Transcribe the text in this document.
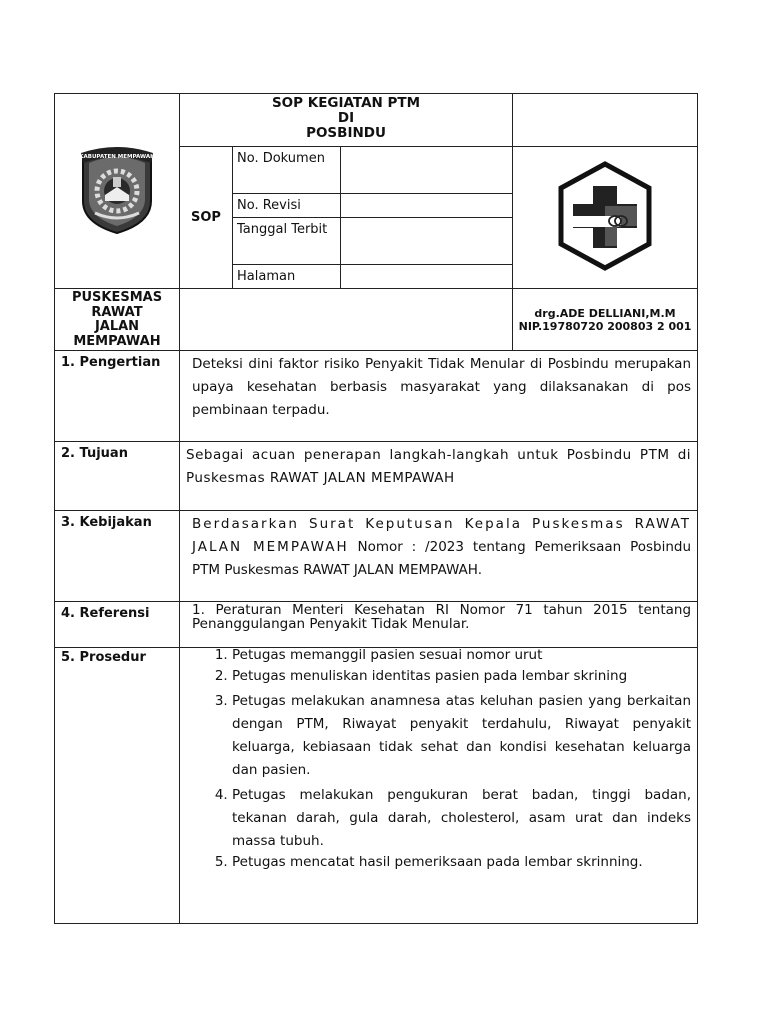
KABUPATEN MEMPAWAH

SOP KEGIATAN PTM
DI
POSBINDU

SOP	
No. Dokumen	
No. Revisi	
Tanggal Terbit	
Halaman	

PUSKESMAS
RAWAT
JALAN
MEMPAWAH

drg.ADE DELLIANI,M.M
NIP.19780720 200803 2 001

1. Pengertian	Deteksi dini faktor risiko Penyakit Tidak Menular di Posbindu merupakan upaya kesehatan berbasis masyarakat yang dilaksanakan di pos pembinaan terpadu.
2. Tujuan	Sebagai acuan penerapan langkah-langkah untuk Posbindu PTM di Puskesmas RAWAT JALAN MEMPAWAH
3. Kebijakan	Berdasarkan Surat Keputusan Kepala Puskesmas RAWAT JALAN MEMPAWAH Nomor : /2023 tentang Pemeriksaan Posbindu PTM Puskesmas RAWAT JALAN MEMPAWAH.
4. Referensi	1. Peraturan Menteri Kesehatan RI Nomor 71 tahun 2015 tentang Penanggulangan Penyakit Tidak Menular.
5. Prosedur	
1.Petugas memanggil pasien sesuai nomor urut
2. Petugas menuliskan identitas pasien pada lembar skrining
3. Petugas melakukan anamnesa atas keluhan pasien yang berkaitan dengan PTM, Riwayat penyakit terdahulu, Riwayat penyakit keluarga, kebiasaan tidak sehat dan kondisi kesehatan keluarga dan pasien.
4. Petugas melakukan pengukuran berat badan, tinggi badan, tekanan darah, gula darah, cholesterol, asam urat dan indeks massa tubuh.
5. Petugas mencatat hasil pemeriksaan pada lembar skrinning.
